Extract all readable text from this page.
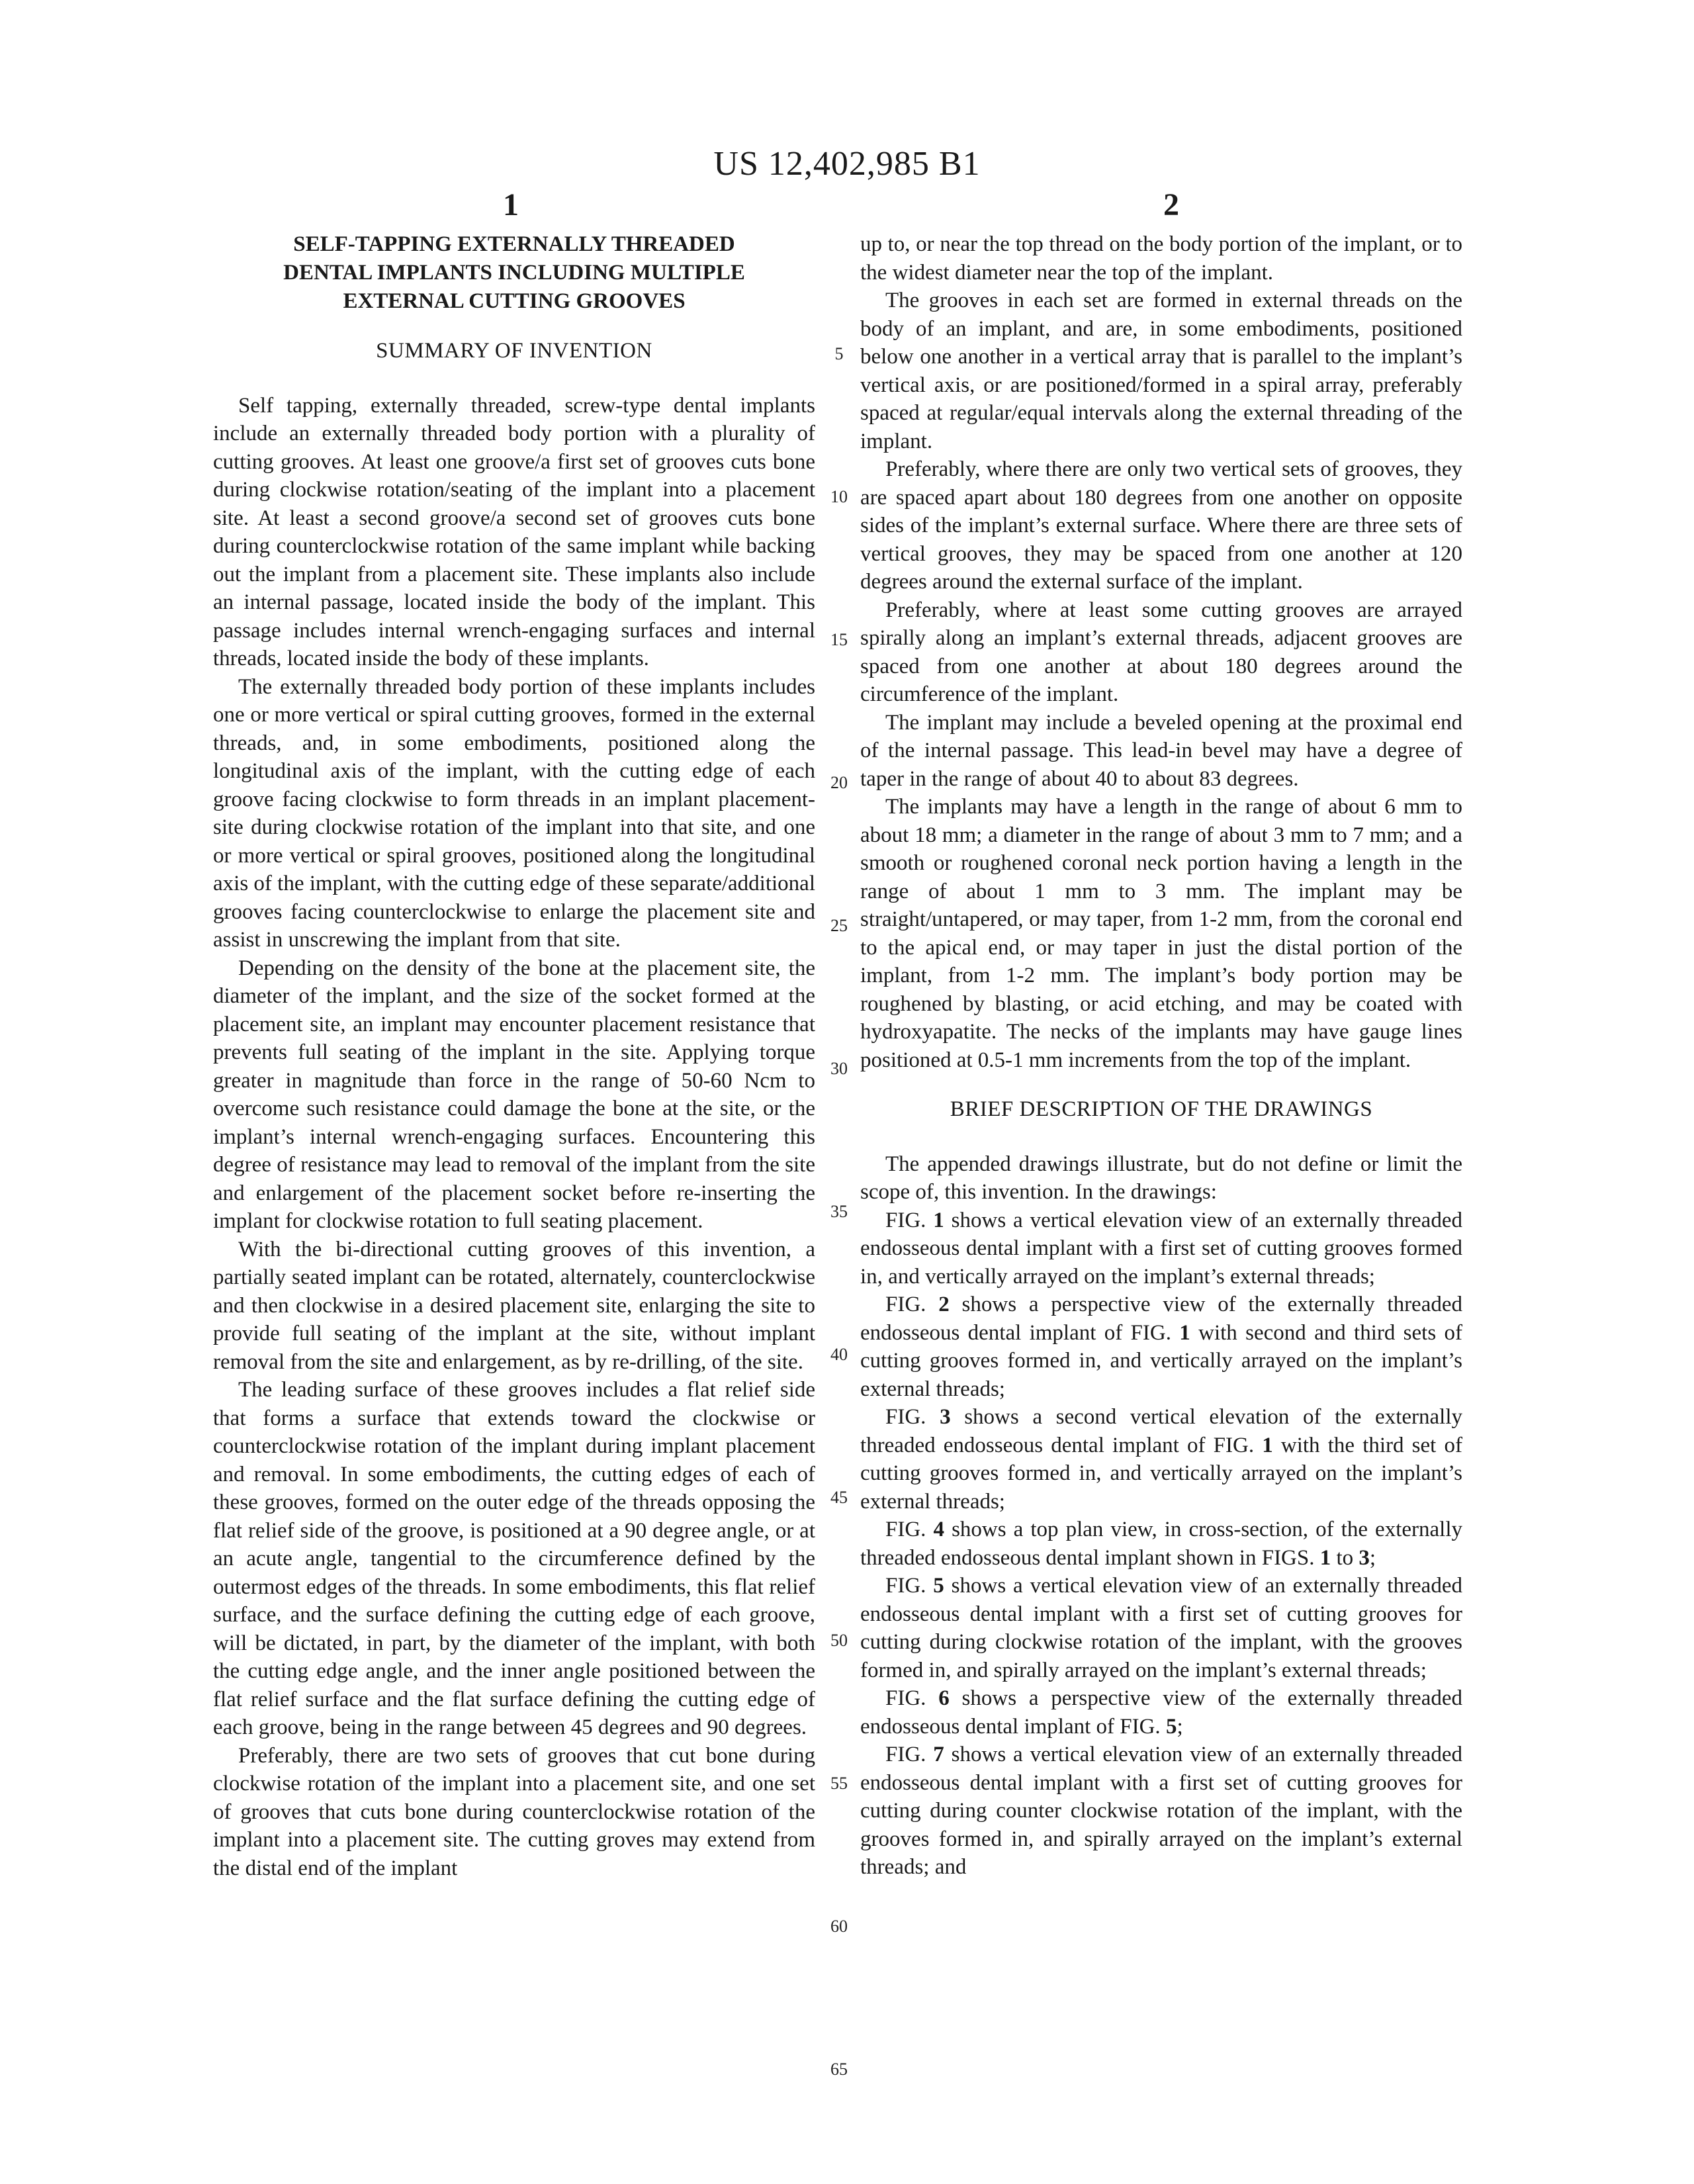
US 12,402,985 B1
1	2
SELF-TAPPING EXTERNALLY THREADED DENTAL IMPLANTS INCLUDING MULTIPLE EXTERNAL CUTTING GROOVES
SUMMARY OF INVENTION

Self tapping, externally threaded, screw-type dental implants include an externally threaded body portion with a plurality of cutting grooves. At least one groove/a first set of grooves cuts bone during clockwise rotation/seating of the implant into a placement site. At least a second groove/a second set of grooves cuts bone during counterclockwise rotation of the same implant while backing out the implant from a placement site. These implants also include an internal passage, located inside the body of the implant. This passage includes internal wrench-engaging surfaces and internal threads, located inside the body of these implants.

The externally threaded body portion of these implants includes one or more vertical or spiral cutting grooves, formed in the external threads, and, in some embodiments, positioned along the longitudinal axis of the implant, with the cutting edge of each groove facing clockwise to form threads in an implant placement-site during clockwise rotation of the implant into that site, and one or more vertical or spiral grooves, positioned along the longitudinal axis of the implant, with the cutting edge of these separate/additional grooves facing counterclockwise to enlarge the placement site and assist in unscrewing the implant from that site.

Depending on the density of the bone at the placement site, the diameter of the implant, and the size of the socket formed at the placement site, an implant may encounter placement resistance that prevents full seating of the implant in the site. Applying torque greater in magnitude than force in the range of 50-60 Ncm to overcome such resistance could damage the bone at the site, or the implant’s internal wrench-engaging surfaces. Encountering this degree of resistance may lead to removal of the implant from the site and enlargement of the placement socket before re-inserting the implant for clockwise rotation to full seating placement.

With the bi-directional cutting grooves of this invention, a partially seated implant can be rotated, alternately, counterclockwise and then clockwise in a desired placement site, enlarging the site to provide full seating of the implant at the site, without implant removal from the site and enlargement, as by re-drilling, of the site.

The leading surface of these grooves includes a flat relief side that forms a surface that extends toward the clockwise or counterclockwise rotation of the implant during implant placement and removal. In some embodiments, the cutting edges of each of these grooves, formed on the outer edge of the threads opposing the flat relief side of the groove, is positioned at a 90 degree angle, or at an acute angle, tangential to the circumference defined by the outermost edges of the threads. In some embodiments, this flat relief surface, and the surface defining the cutting edge of each groove, will be dictated, in part, by the diameter of the implant, with both the cutting edge angle, and the inner angle positioned between the flat relief surface and the flat surface defining the cutting edge of each groove, being in the range between 45 degrees and 90 degrees.

Preferably, there are two sets of grooves that cut bone during clockwise rotation of the implant into a placement site, and one set of grooves that cuts bone during counterclockwise rotation of the implant into a placement site. The cutting groves may extend from the distal end of the implant

up to, or near the top thread on the body portion of the implant, or to the widest diameter near the top of the implant.

The grooves in each set are formed in external threads on the body of an implant, and are, in some embodiments, positioned below one another in a vertical array that is parallel to the implant’s vertical axis, or are positioned/formed in a spiral array, preferably spaced at regular/equal intervals along the external threading of the implant.

Preferably, where there are only two vertical sets of grooves, they are spaced apart about 180 degrees from one another on opposite sides of the implant’s external surface. Where there are three sets of vertical grooves, they may be spaced from one another at 120 degrees around the external surface of the implant.

Preferably, where at least some cutting grooves are arrayed spirally along an implant’s external threads, adjacent grooves are spaced from one another at about 180 degrees around the circumference of the implant.

The implant may include a beveled opening at the proximal end of the internal passage. This lead-in bevel may have a degree of taper in the range of about 40 to about 83 degrees.

The implants may have a length in the range of about 6 mm to about 18 mm; a diameter in the range of about 3 mm to 7 mm; and a smooth or roughened coronal neck portion having a length in the range of about 1 mm to 3 mm. The implant may be straight/untapered, or may taper, from 1-2 mm, from the coronal end to the apical end, or may taper in just the distal portion of the implant, from 1-2 mm. The implant’s body portion may be roughened by blasting, or acid etching, and may be coated with hydroxyapatite. The necks of the implants may have gauge lines positioned at 0.5-1 mm increments from the top of the implant.

BRIEF DESCRIPTION OF THE DRAWINGS

The appended drawings illustrate, but do not define or limit the scope of, this invention. In the drawings:

FIG. 1 shows a vertical elevation view of an externally threaded endosseous dental implant with a first set of cutting grooves formed in, and vertically arrayed on the implant’s external threads;

FIG. 2 shows a perspective view of the externally threaded endosseous dental implant of FIG. 1 with second and third sets of cutting grooves formed in, and vertically arrayed on the implant’s external threads;

FIG. 3 shows a second vertical elevation of the externally threaded endosseous dental implant of FIG. 1 with the third set of cutting grooves formed in, and vertically arrayed on the implant’s external threads;

FIG. 4 shows a top plan view, in cross-section, of the externally threaded endosseous dental implant shown in FIGS. 1 to 3;

FIG. 5 shows a vertical elevation view of an externally threaded endosseous dental implant with a first set of cutting grooves for cutting during clockwise rotation of the implant, with the grooves formed in, and spirally arrayed on the implant’s external threads;

FIG. 6 shows a perspective view of the externally threaded endosseous dental implant of FIG. 5;

FIG. 7 shows a vertical elevation view of an externally threaded endosseous dental implant with a first set of cutting grooves for cutting during counter clockwise rotation of the implant, with the grooves formed in, and spirally arrayed on the implant’s external threads; and

5
10
15
20
25
30
35
40
45
50
55
60
65
